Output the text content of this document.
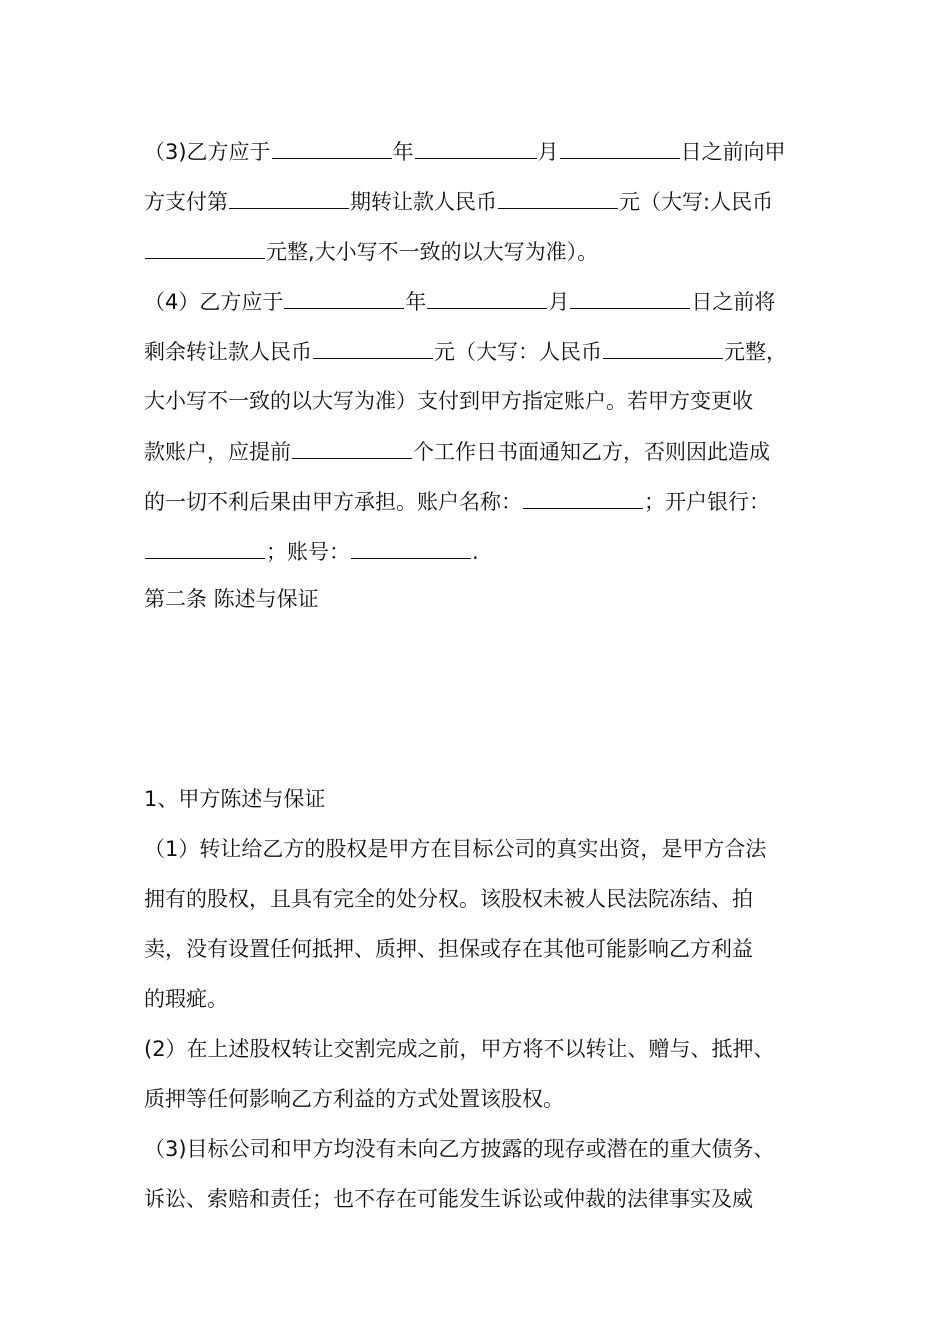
（3)乙方应于	年	月	日之前向甲
方支付第	期转让款人民币	元（大写:人民币
元整,大小写不一致的以大写为准）。
（4）乙方应于	年	月	日之前将
剩余转让款人民币	元（大写：人民币	元整，
大小写不一致的以大写为准）支付到甲方指定账户。若甲方变更收
款账户，应提前	个工作日书面通知乙方，否则因此造成
的一切不利后果由甲方承担。账户名称：	；开户银行：
；账号：	.
第二条 陈述与保证
1、甲方陈述与保证
（1）转让给乙方的股权是甲方在目标公司的真实出资，是甲方合法
拥有的股权，且具有完全的处分权。该股权未被人民法院冻结、拍
卖，没有设置任何抵押、质押、担保或存在其他可能影响乙方利益
的瑕疵。
(2）在上述股权转让交割完成之前，甲方将不以转让、赠与、抵押、
质押等任何影响乙方利益的方式处置该股权。
（3)目标公司和甲方均没有未向乙方披露的现存或潜在的重大债务、
诉讼、索赔和责任；也不存在可能发生诉讼或仲裁的法律事实及威
